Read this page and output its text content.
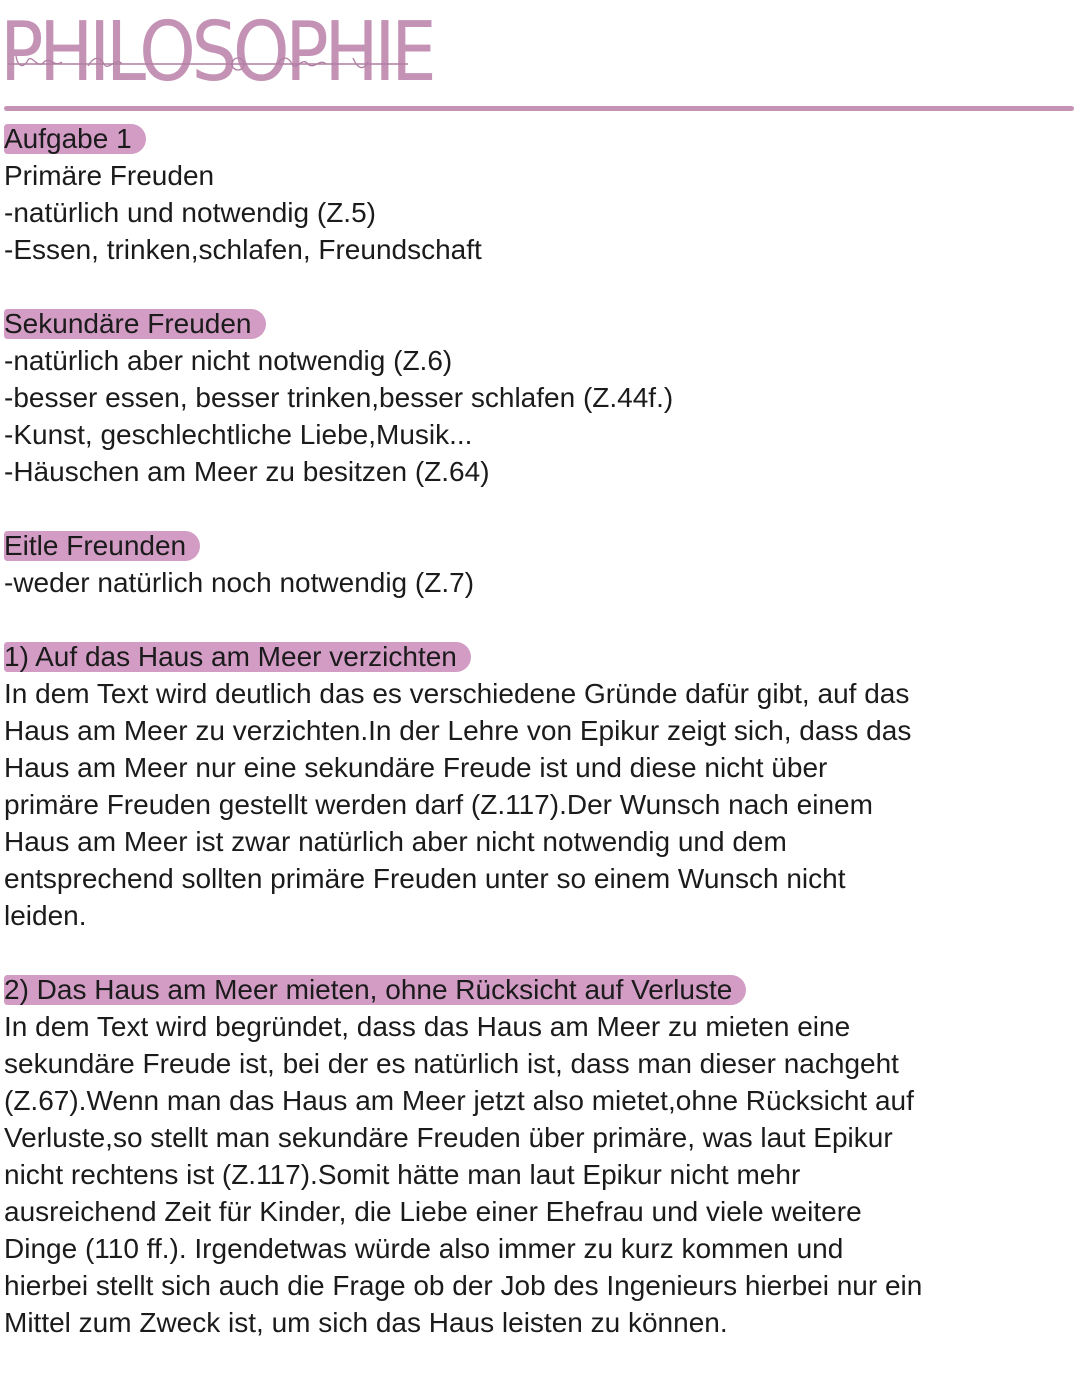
PHILOSOPHIE
Aufgabe 1
Primäre Freuden
-natürlich und notwendig (Z.5)
-Essen, trinken,schlafen, Freundschaft
Sekundäre Freuden
-natürlich aber nicht notwendig (Z.6)
-besser essen, besser trinken,besser schlafen (Z.44f.)
-Kunst, geschlechtliche Liebe,Musik...
-Häuschen am Meer zu besitzen (Z.64)
Eitle Freunden
-weder natürlich noch notwendig (Z.7)
1) Auf das Haus am Meer verzichten
In dem Text wird deutlich das es verschiedene Gründe dafür gibt, auf das
Haus am Meer zu verzichten.In der Lehre von Epikur zeigt sich, dass das
Haus am Meer nur eine sekundäre Freude ist und diese nicht über
primäre Freuden gestellt werden darf (Z.117).Der Wunsch nach einem
Haus am Meer ist zwar natürlich aber nicht notwendig und dem
entsprechend sollten primäre Freuden unter so einem Wunsch nicht
leiden.
2) Das Haus am Meer mieten, ohne Rücksicht auf Verluste
In dem Text wird begründet, dass das Haus am Meer zu mieten eine
sekundäre Freude ist, bei der es natürlich ist, dass man dieser nachgeht
(Z.67).Wenn man das Haus am Meer jetzt also mietet,ohne Rücksicht auf
Verluste,so stellt man sekundäre Freuden über primäre, was laut Epikur
nicht rechtens ist (Z.117).Somit hätte man laut Epikur nicht mehr
ausreichend Zeit für Kinder, die Liebe einer Ehefrau und viele weitere
Dinge (110 ff.). Irgendetwas würde also immer zu kurz kommen und
hierbei stellt sich auch die Frage ob der Job des Ingenieurs hierbei nur ein
Mittel zum Zweck ist, um sich das Haus leisten zu können.
